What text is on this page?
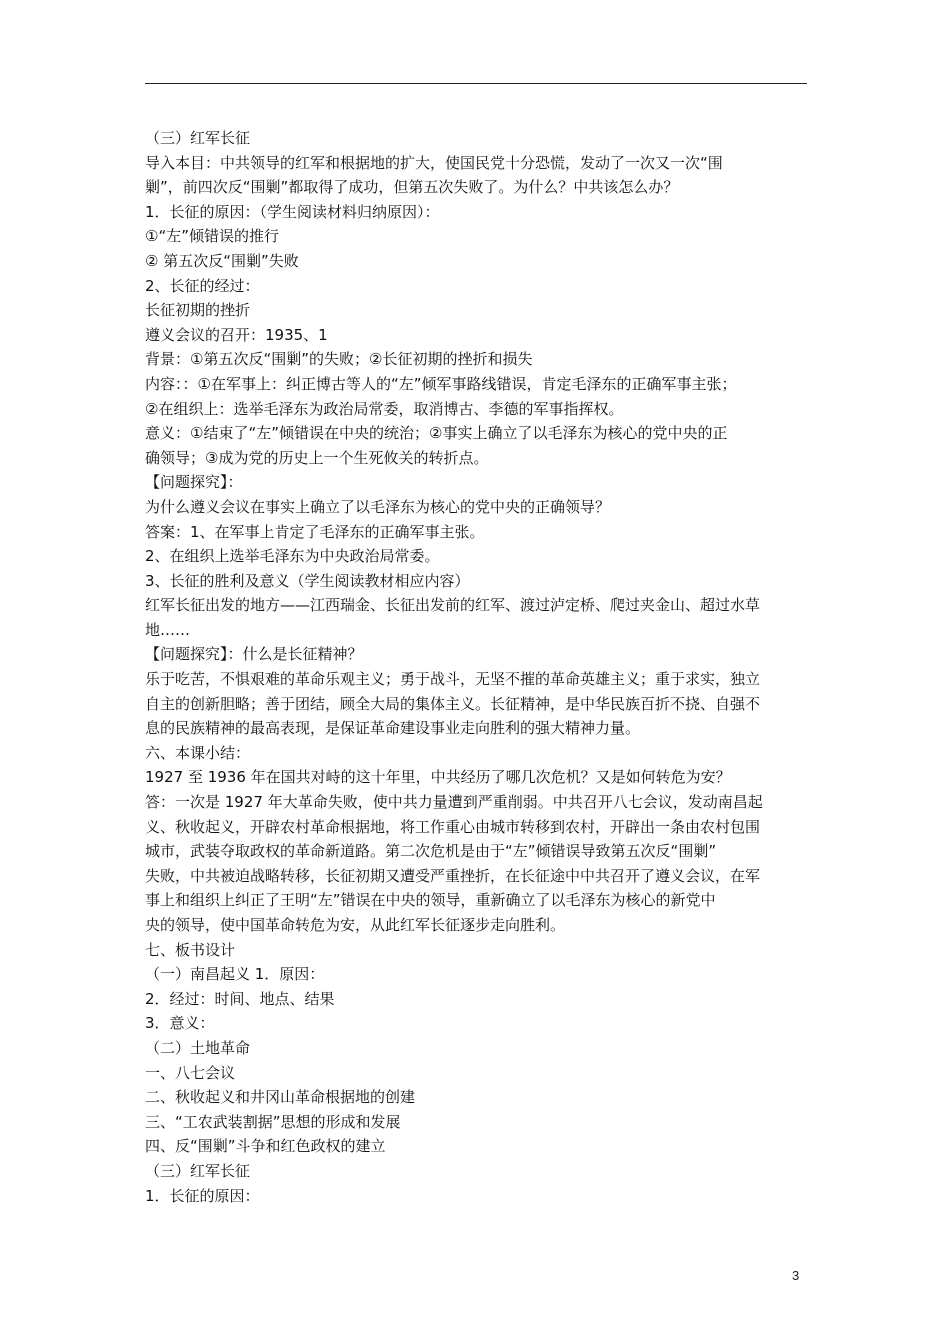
（三）红军长征
导入本目：中共领导的红军和根据地的扩大，使国民党十分恐慌，发动了一次又一次“围
剿”，前四次反“围剿”都取得了成功，但第五次失败了。为什么？中共该怎么办？
1．长征的原因：（学生阅读材料归纳原因）：
①“左”倾错误的推行
② 第五次反“围剿”失败
2、长征的经过：
长征初期的挫折
遵义会议的召开：1935、1
背景：①第五次反“围剿”的失败；②长征初期的挫折和损失
内容：：①在军事上：纠正博古等人的“左”倾军事路线错误，肯定毛泽东的正确军事主张；
②在组织上：选举毛泽东为政治局常委，取消博古、李德的军事指挥权。
意义：①结束了“左”倾错误在中央的统治；②事实上确立了以毛泽东为核心的党中央的正
确领导；③成为党的历史上一个生死攸关的转折点。
【问题探究】：
为什么遵义会议在事实上确立了以毛泽东为核心的党中央的正确领导？
答案：1、在军事上肯定了毛泽东的正确军事主张。
2、在组织上选举毛泽东为中央政治局常委。
3、长征的胜利及意义（学生阅读教材相应内容）
红军长征出发的地方——江西瑞金、长征出发前的红军、渡过泸定桥、爬过夹金山、超过水草
地……
【问题探究】：什么是长征精神？
乐于吃苦，不惧艰难的革命乐观主义；勇于战斗，无坚不摧的革命英雄主义；重于求实，独立
自主的创新胆略；善于团结，顾全大局的集体主义。长征精神，是中华民族百折不挠、自强不
息的民族精神的最高表现，是保证革命建设事业走向胜利的强大精神力量。
六、本课小结：
1927 至 1936 年在国共对峙的这十年里，中共经历了哪几次危机？又是如何转危为安？
答：一次是 1927 年大革命失败，使中共力量遭到严重削弱。中共召开八七会议，发动南昌起
义、秋收起义，开辟农村革命根据地，将工作重心由城市转移到农村，开辟出一条由农村包围
城市，武装夺取政权的革命新道路。第二次危机是由于“左”倾错误导致第五次反“围剿”
失败，中共被迫战略转移，长征初期又遭受严重挫折，在长征途中中共召开了遵义会议，在军
事上和组织上纠正了王明“左”错误在中央的领导，重新确立了以毛泽东为核心的新党中
央的领导，使中国革命转危为安，从此红军长征逐步走向胜利。
七、板书设计
（一）南昌起义 1．原因：
2．经过：时间、地点、结果
3．意义：
（二）土地革命
一、八七会议
二、秋收起义和井冈山革命根据地的创建
三、“工农武装割据”思想的形成和发展
四、反“围剿”斗争和红色政权的建立
（三）红军长征
1．长征的原因：
3
